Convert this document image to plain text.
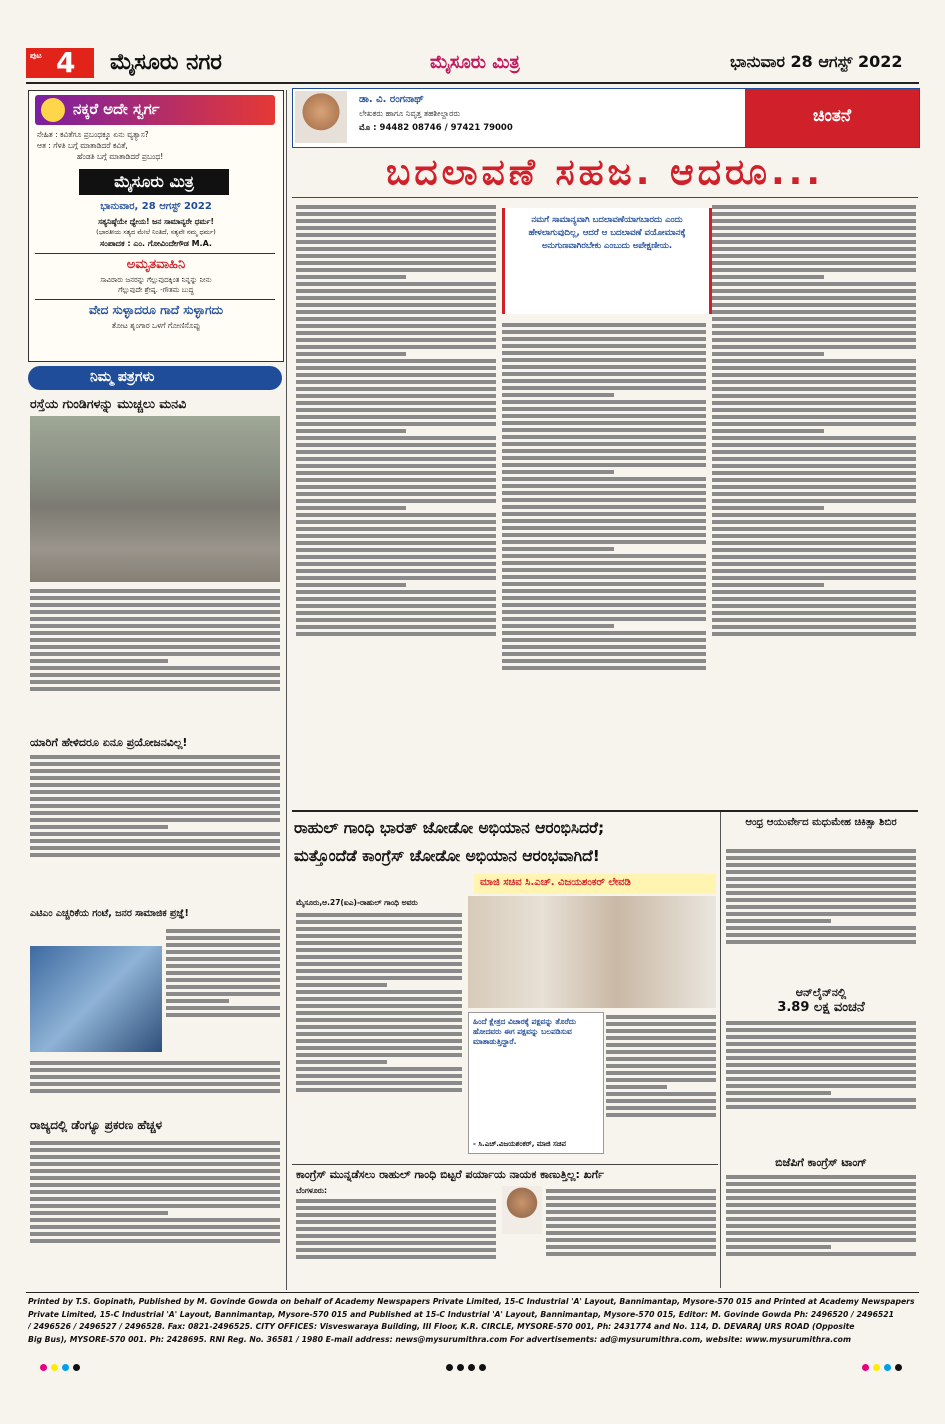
ಪುಟ 4 ಮೈಸೂರು ನಗರ	ಮೈಸೂರು ಮಿತ್ರ	ಭಾನುವಾರ 28 ಆಗಸ್ಟ್ 2022
ನಕ್ಕರೆ ಅದೇ ಸ್ವರ್ಗ
ನೇಹಿತ : ಕವಿತೆಗೂ ಪ್ರಬಂಧಕ್ಕೂ ಏನು ವ್ಯತ್ಯಾಸ?
ಆತ : ಗೆಳತಿ ಬಗ್ಗೆ ಮಾತಾಡಿದರೆ ಕವಿತೆ,
ಹೆಂಡತಿ ಬಗ್ಗೆ ಮಾತಾಡಿದರೆ ಪ್ರಬಂಧ!
ಮೈಸೂರು ಮಿತ್ರ
ಭಾನುವಾರ, 28 ಆಗಸ್ಟ್ 2022
ಸತ್ಯನಿಷ್ಠೆಯೇ ಧ್ಯೇಯ! ಜನ ಸಾಮಾನ್ಯರೇ ಧರ್ಮ!
(ಭಾರತೀಯ ಸತ್ಯದ ಮೇಲೆ ನಿಂತಿದೆ, ಸತ್ಯವೇ ನಮ್ಮ ಧರ್ಮ)
ಸಂಪಾದಕ : ಎಂ. ಗೋವಿಂದೇಗೌಡ M.A.
ಅಮೃತವಾಹಿನಿ
ಸಾವಿರಾರು ಜನರನ್ನು ಗೆಲ್ಲುವುದಕ್ಕಿಂತ ನಿನ್ನನ್ನು ನೀನು
ಗೆಲ್ಲುವುದೇ ಶ್ರೇಷ್ಠ. -ಗೌತಮ ಬುದ್ಧ
ವೇದ ಸುಳ್ಳಾದರೂ ಗಾದೆ ಸುಳ್ಳಾಗದು
ತೋಟ ಶೃಂಗಾರ ಒಳಗೆ ಗೋಣಿಸೊಪ್ಪು
ನಿಮ್ಮ ಪತ್ರಗಳು
ರಸ್ತೆಯ ಗುಂಡಿಗಳನ್ನು ಮುಚ್ಚಲು ಮನವಿ
ಯಾರಿಗೆ ಹೇಳಿದರೂ ಏನೂ ಪ್ರಯೋಜನವಿಲ್ಲ!
ಎಟಿಎಂ ಎಚ್ಚರಿಕೆಯ ಗಂಟೆ, ಜನರ ಸಾಮಾಜಿಕ ಪ್ರಜ್ಞೆ!
ರಾಜ್ಯದಲ್ಲಿ ಡೆಂಗ್ಯೂ ಪ್ರಕರಣ ಹೆಚ್ಚಳ
ಡಾ. ವಿ. ರಂಗನಾಥ್
ಲೇಖಕರು ಹಾಗೂ ನಿವೃತ್ತ ತಹಶೀಲ್ದಾರರು
ಮೊ : 94482 08746 / 97421 79000
ಚಿಂತನೆ
ಬದಲಾವಣೆ ಸಹಜ. ಆದರೂ...
ನಮಗೆ ಸಾಮಾನ್ಯವಾಗಿ ಬದಲಾವಣೆಯಾಗಬಾರದು ಎಂದು ಹೇಳಲಾಗುವುದಿಲ್ಲ, ಆದರೆ ಆ ಬದಲಾವಣೆ ವಯೋಮಾನಕ್ಕೆ ಅನುಗುಣವಾಗಿರಬೇಕು ಎಂಬುದು ಅಪೇಕ್ಷಣೀಯ.
ರಾಹುಲ್ ಗಾಂಧಿ ಭಾರತ್ ಜೋಡೋ ಅಭಿಯಾನ ಆರಂಭಿಸಿದರೆ;
ಮತ್ತೊಂದೆಡೆ ಕಾಂಗ್ರೆಸ್ ಚೋಡೋ ಅಭಿಯಾನ ಆರಂಭವಾಗಿದೆ!
ಮಾಜಿ ಸಚಿವ ಸಿ.ಎಚ್. ವಿಜಯಶಂಕರ್ ಲೇವಡಿ
ಮೈಸೂರು,ಆ.27(ಐಎ)-ರಾಹುಲ್ ಗಾಂಧಿ ಅವರು
ಹಿಂದೆ ಕ್ಷೇತ್ರದ ವಿಚಾರಕ್ಕೆ ಪಕ್ಷವನ್ನು ತೊರೆದು ಹೋದವರು ಈಗ ಪಕ್ಷವನ್ನು ಬಲಪಡಿಸುವ ಮಾತಾಡುತ್ತಿದ್ದಾರೆ.
- ಸಿ.ಎಚ್.ವಿಜಯಶಂಕರ್, ಮಾಜಿ ಸಚಿವ
ಕಾಂಗ್ರೆಸ್ ಮುನ್ನಡೆಸಲು ರಾಹುಲ್ ಗಾಂಧಿ ಬಿಟ್ಟರೆ ಪರ್ಯಾಯ ನಾಯಕ ಕಾಣುತ್ತಿಲ್ಲ: ಖರ್ಗೆ
ಬೆಂಗಳೂರು:
ಆಂಧ್ರ ಆಯುರ್ವೇದ ಮಧುಮೇಹ ಚಿಕಿತ್ಸಾ ಶಿಬಿರ
ಆನ್‌ಲೈನ್‌ನಲ್ಲಿ
3.89 ಲಕ್ಷ ವಂಚನೆ
ಬಿಜೆಪಿಗೆ ಕಾಂಗ್ರೆಸ್ ಟಾಂಗ್
Printed by T.S. Gopinath, Published by M. Govinde Gowda on behalf of Academy Newspapers Private Limited, 15-C Industrial 'A' Layout, Bannimantap, Mysore-570 015 and Printed at Academy Newspapers
Private Limited, 15-C Industrial 'A' Layout, Bannimantap, Mysore-570 015 and Published at 15-C Industrial 'A' Layout, Bannimantap, Mysore-570 015, Editor: M. Govinde Gowda Ph: 2496520 / 2496521
/ 2496526 / 2496527 / 2496528. Fax: 0821-2496525. CITY OFFICES: Visveswaraya Building, III Floor, K.R. CIRCLE, MYSORE-570 001, Ph: 2431774 and No. 114, D. DEVARAJ URS ROAD (Opposite
Big Bus), MYSORE-570 001. Ph: 2428695. RNI Reg. No. 36581 / 1980 E-mail address: news@mysurumithra.com For advertisements: ad@mysurumithra.com, website: www.mysurumithra.com
